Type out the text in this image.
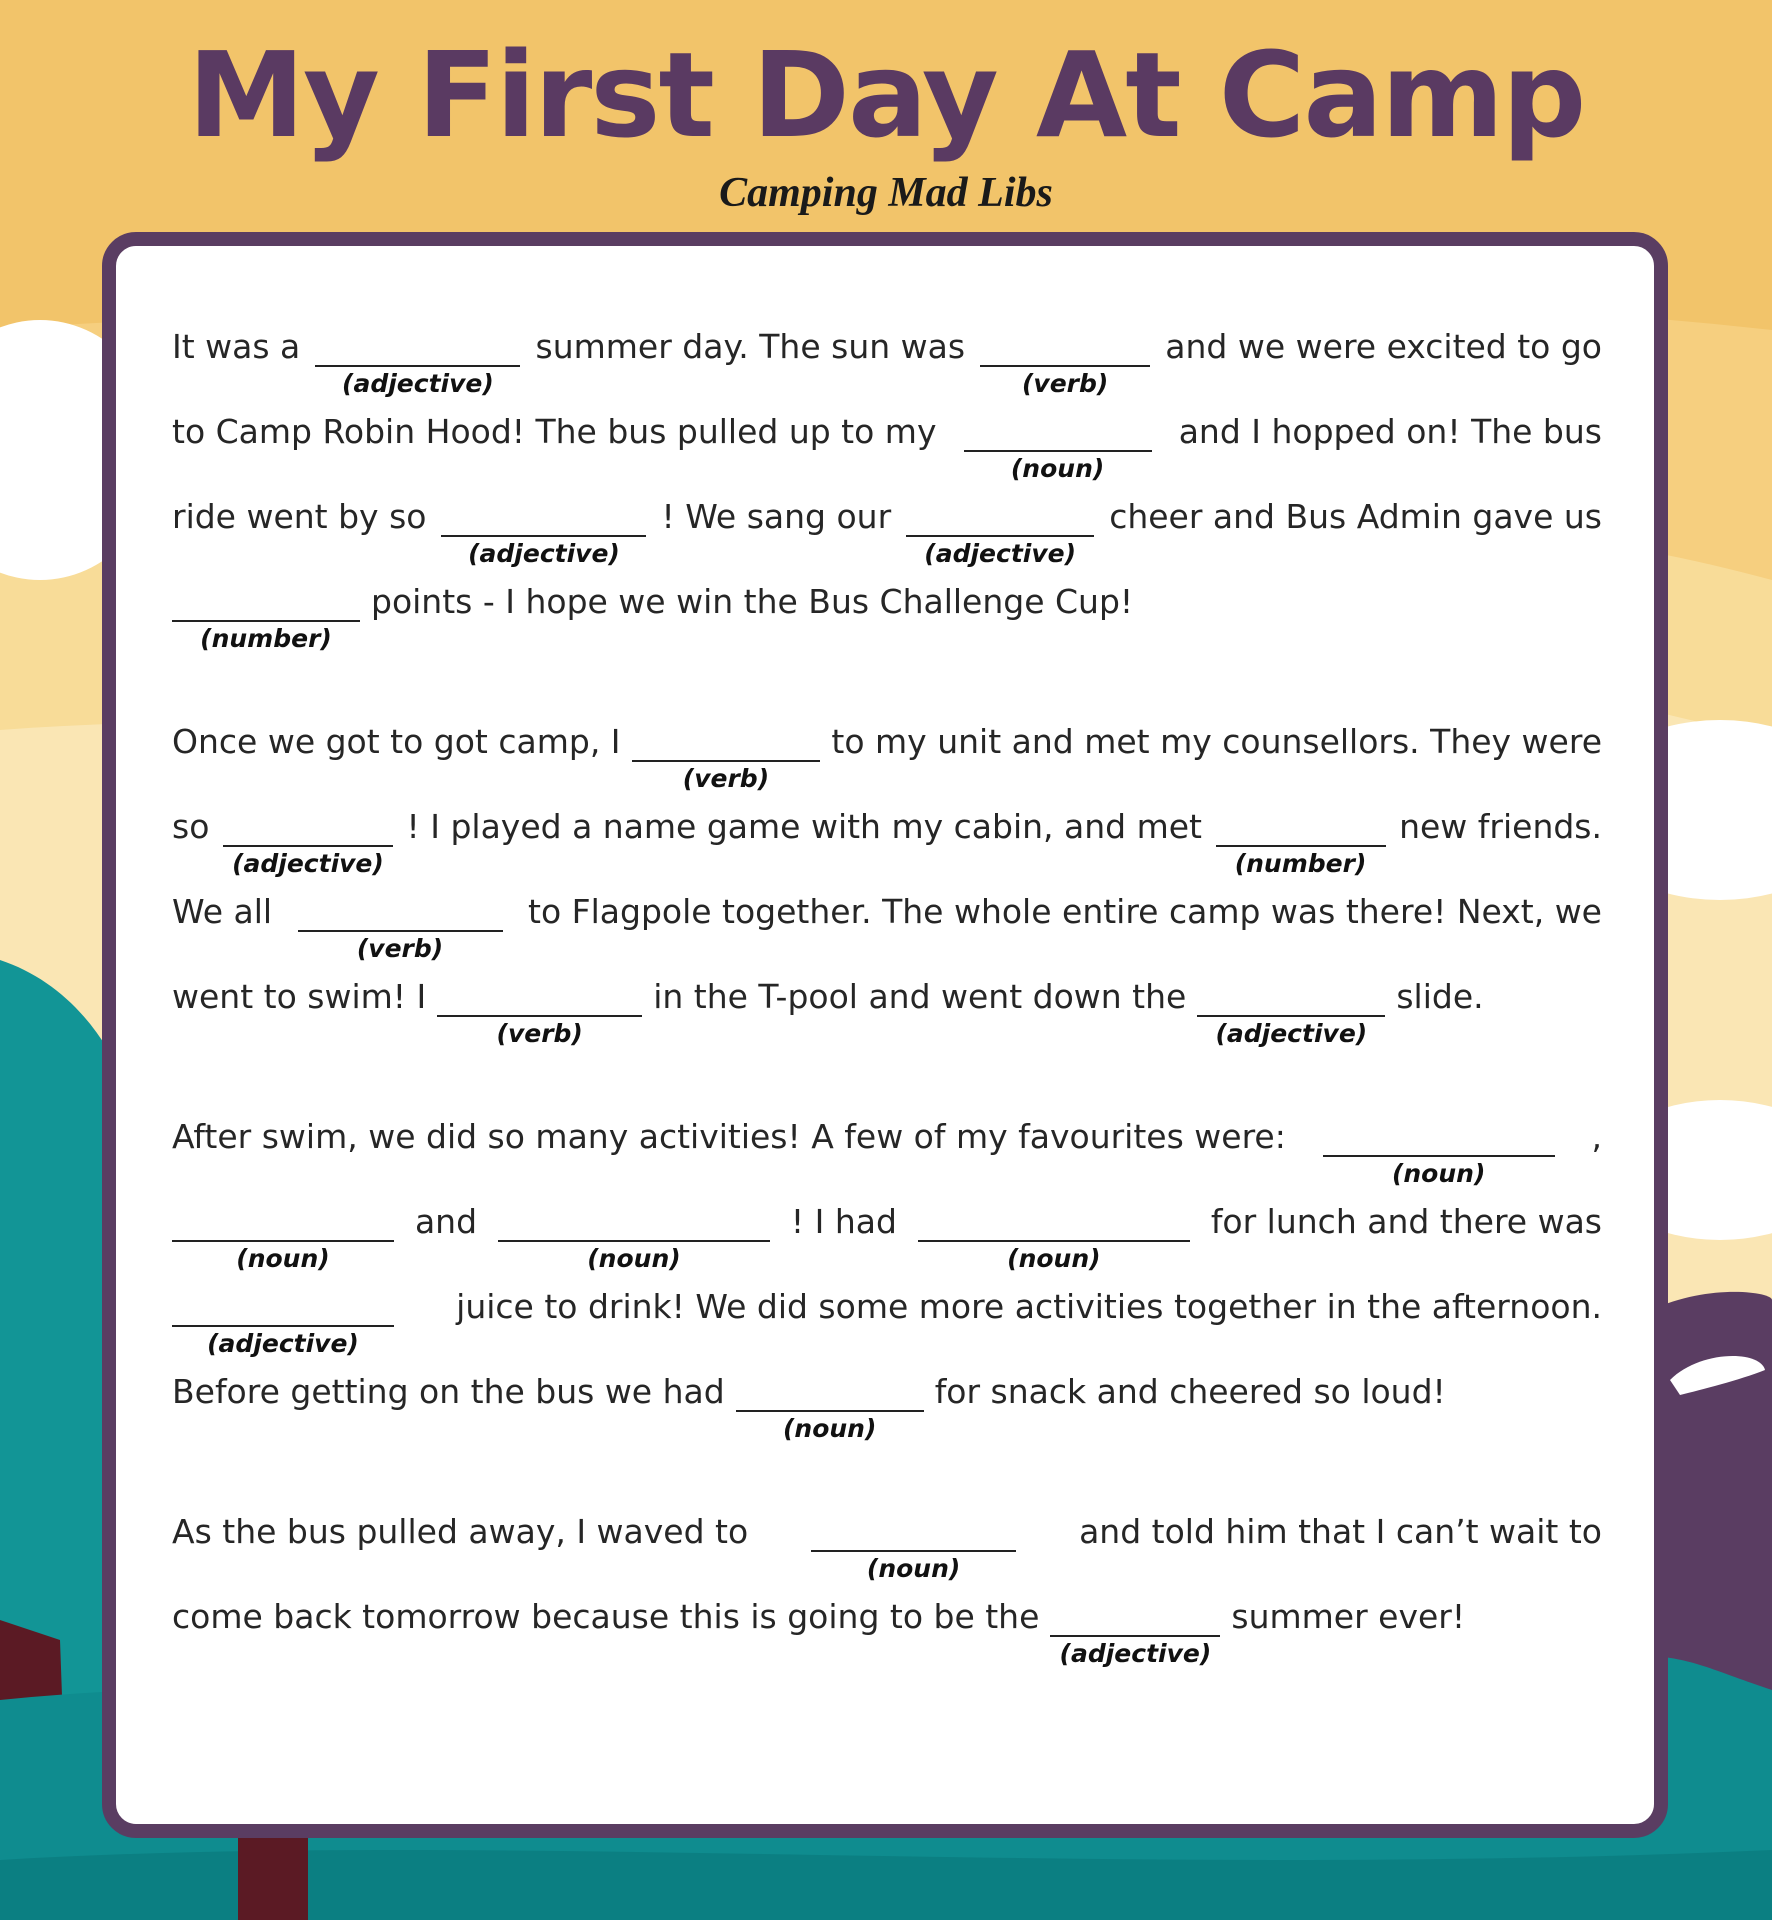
My First Day At Camp

Camping Mad Libs

It was a
(adjective)
summer day. The sun was
(verb)
and we were excited to go
to Camp Robin Hood! The bus pulled up to my
(noun)
and I hopped on! The bus
ride went by so
(adjective)
! We sang our
(adjective)
cheer and Bus Admin gave us
(number)
points - I hope we win the Bus Challenge Cup!
Once we got to got camp, I
(verb)
to my unit and met my counsellors. They were
so
(adjective)
! I played a name game with my cabin, and met
(number)
new friends.
We all
(verb)
to Flagpole together. The whole entire camp was there! Next, we
went to swim! I
(verb)
in the T-pool and went down the
(adjective)
slide.
After swim, we did so many activities! A few of my favourites were:
(noun)
,
(noun)
and
(noun)
! I had
(noun)
for lunch and there was
(adjective)
juice to drink! We did some more activities together in the afternoon.
Before getting on the bus we had
(noun)
for snack and cheered so loud!
As the bus pulled away, I waved to
(noun)
and told him that I can’t wait to
come back tomorrow because this is going to be the
(adjective)
summer ever!
